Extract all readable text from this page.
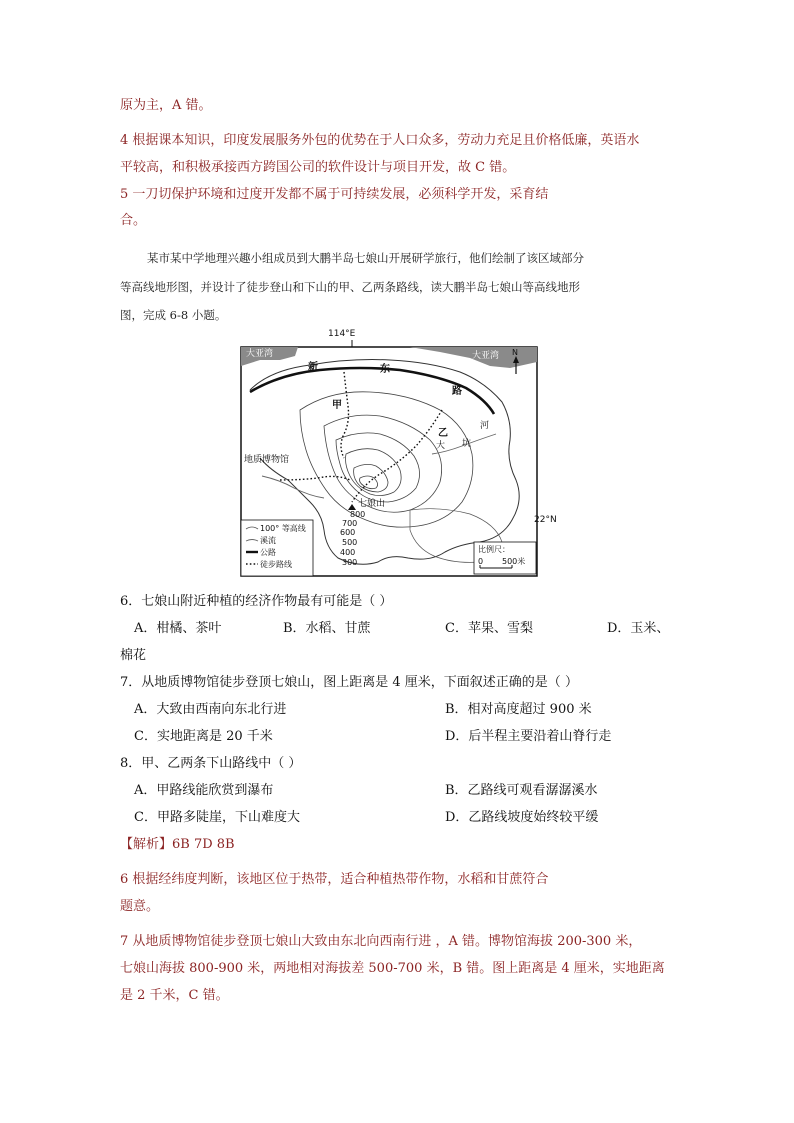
原为主，A 错。
4 根据课本知识，印度发展服务外包的优势在于人口众多，劳动力充足且价格低廉，英语水
平较高，和积极承接西方跨国公司的软件设计与项目开发，故 C 错。
5 一刀切保护环境和过度开发都不属于可持续发展，必须科学开发，采育结
合。
某市某中学地理兴趣小组成员到大鹏半岛七娘山开展研学旅行，他们绘制了该区域部分
等高线地形图，并设计了徒步登山和下山的甲、乙两条路线，读大鹏半岛七娘山等高线地形
图，完成 6-8 小题。
114°E
22°N
大亚湾	大亚湾 N
新	东
路
甲
乙
河
大 坑
地质博物馆
七娘山
800
700
600
500
400
300
100° 等高线
溪流
公路
徒步路线
比例尺：
0 500米
6．七娘山附近种植的经济作物最有可能是（ ）
A．柑橘、茶叶	B．水稻、甘蔗	C．苹果、雪梨	D．玉米、
棉花
7．从地质博物馆徒步登顶七娘山，图上距离是 4 厘米，下面叙述正确的是（ ）
A．大致由西南向东北行进	B．相对高度超过 900 米
C．实地距离是 20 千米	D．后半程主要沿着山脊行走
8．甲、乙两条下山路线中（ ）
A．甲路线能欣赏到瀑布	B．乙路线可观看潺潺溪水
C．甲路多陡崖，下山难度大	D．乙路线坡度始终较平缓
【解析】6B 7D 8B
6 根据经纬度判断，该地区位于热带，适合种植热带作物，水稻和甘蔗符合
题意。
7 从地质博物馆徒步登顶七娘山大致由东北向西南行进 ，A 错。博物馆海拔 200-300 米，
七娘山海拔 800-900 米，两地相对海拔差 500-700 米，B 错。图上距离是 4 厘米，实地距离
是 2 千米，C 错。
